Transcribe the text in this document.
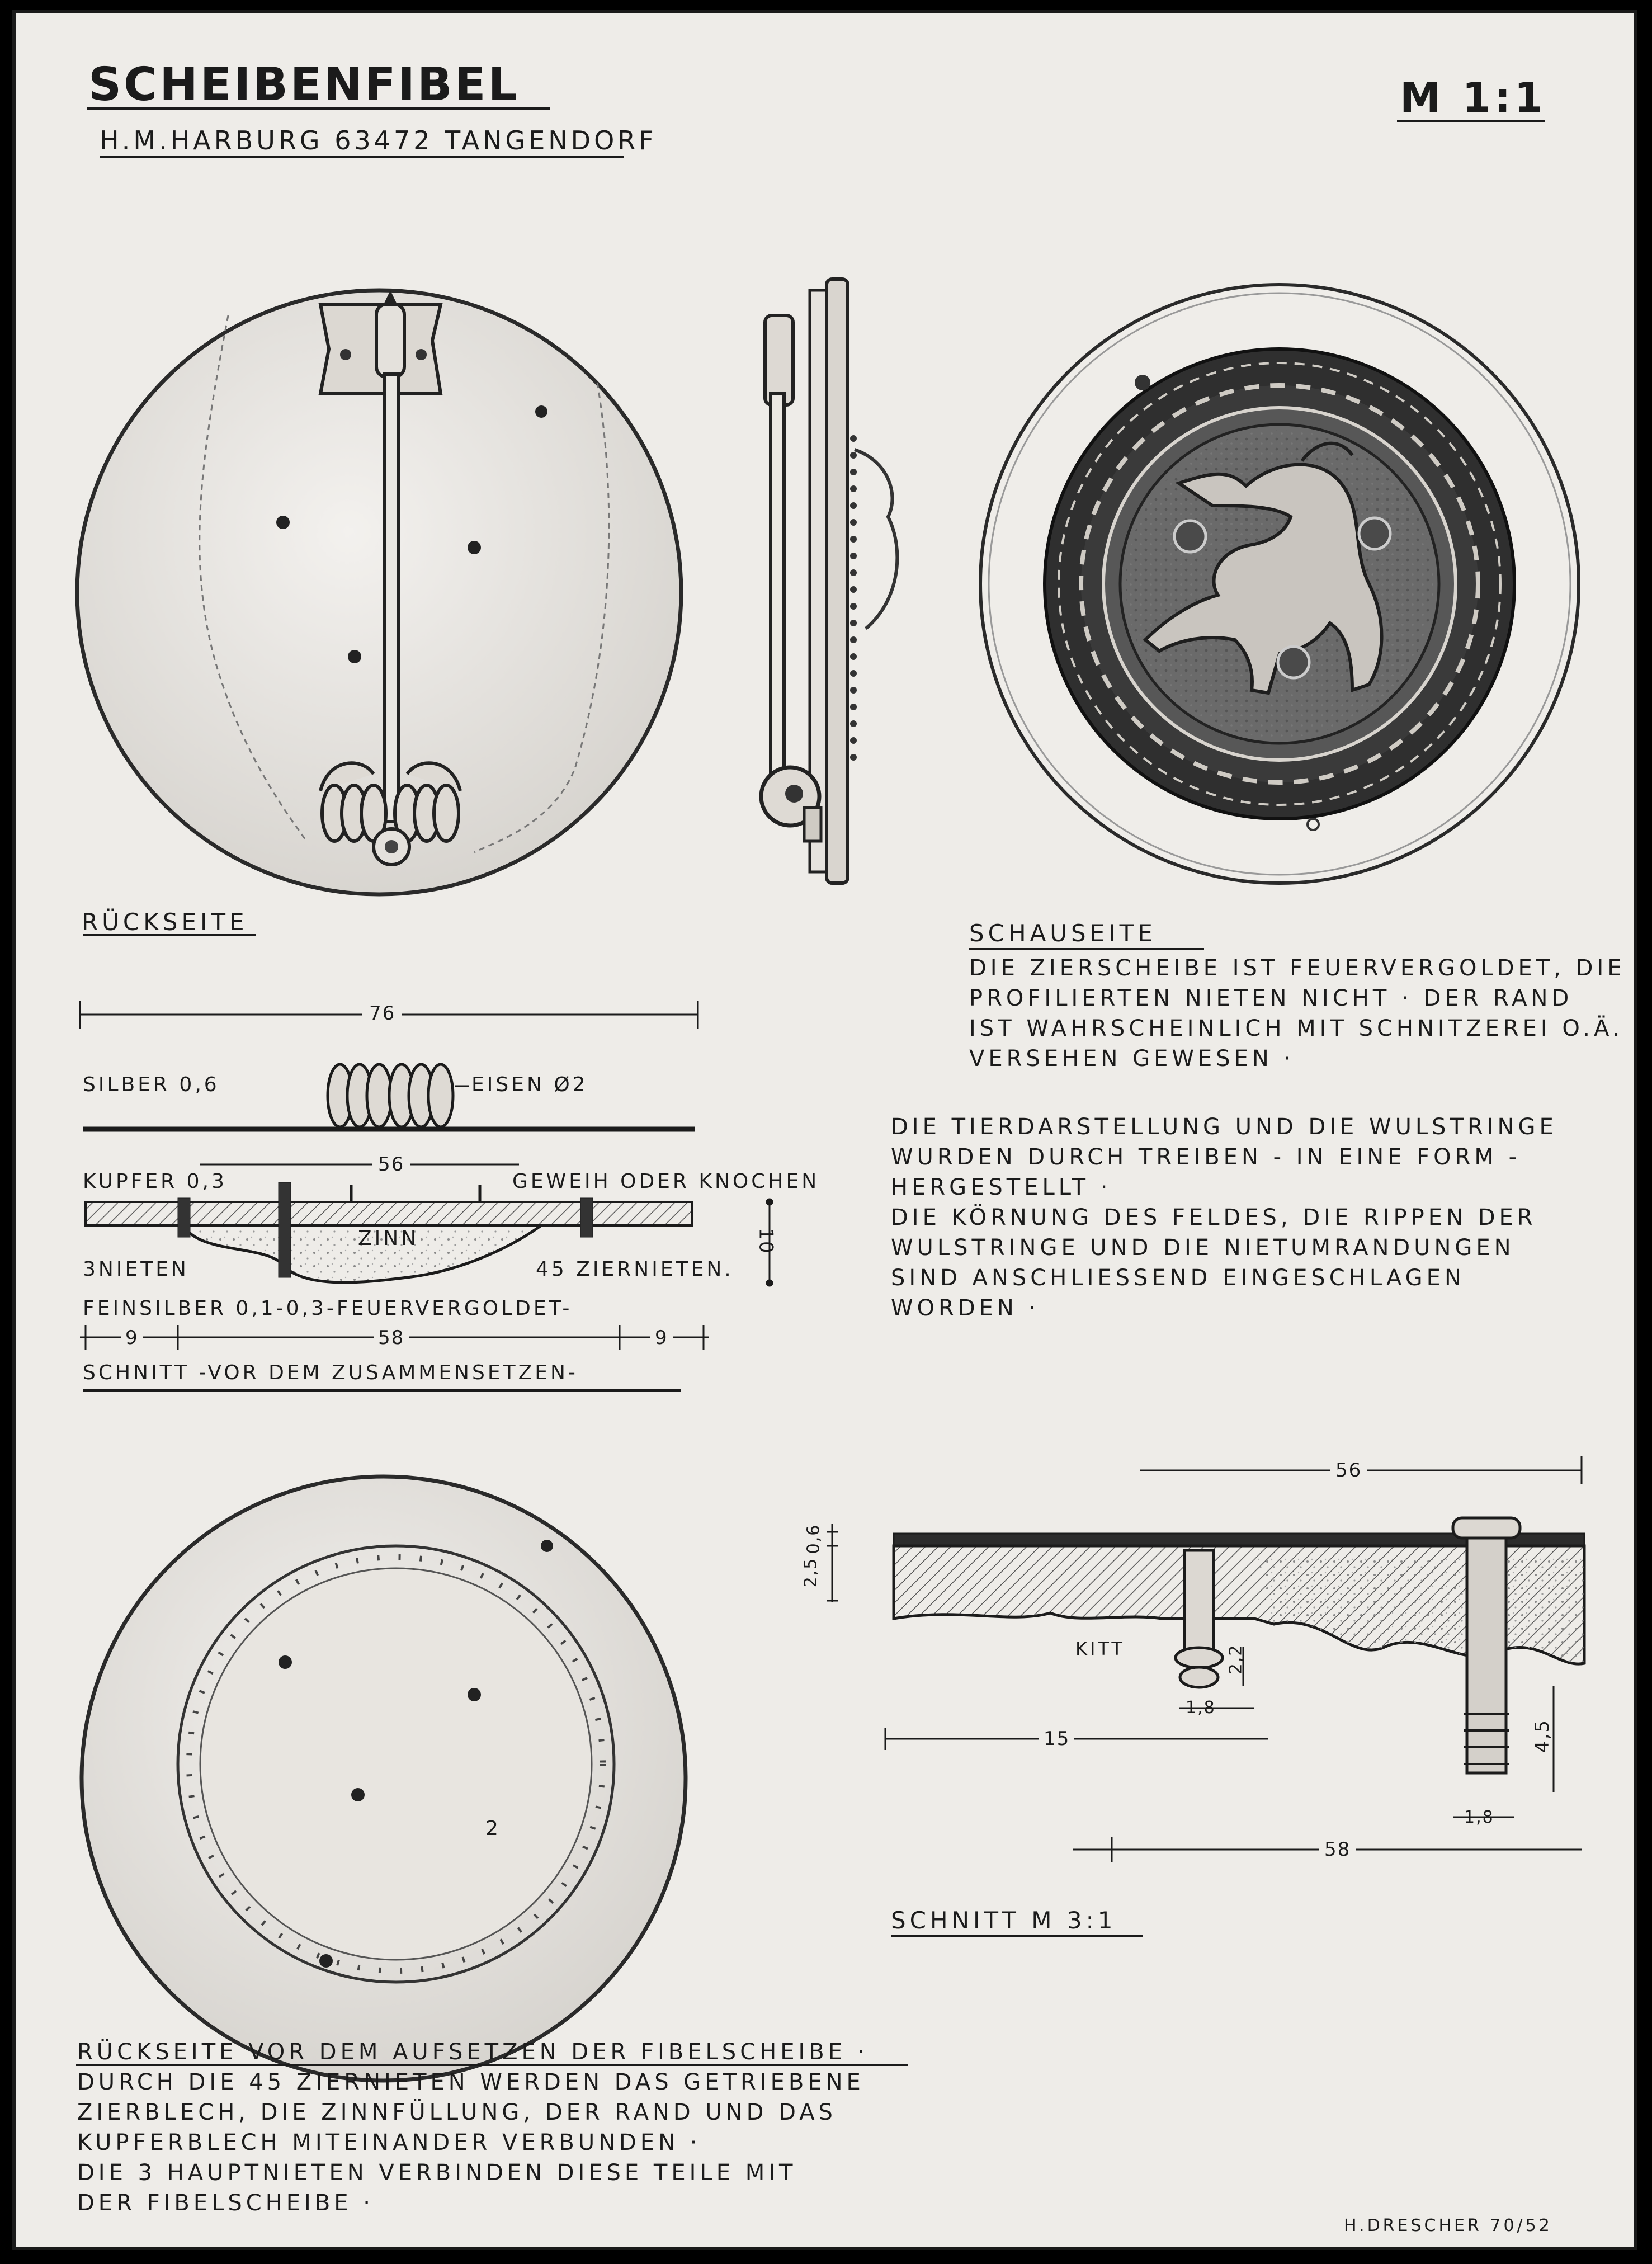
SCHEIBENFIBEL
H.M.HARBURG 63472 TANGENDORF
M 1:1
RÜCKSEITE	SCHAUSEITE
DIE ZIERSCHEIBE IST FEUERVERGOLDET, DIE
PROFILIERTEN NIETEN NICHT · DER RAND
IST WAHRSCHEINLICH MIT SCHNITZEREI O.Ä.
VERSEHEN GEWESEN ·
DIE TIERDARSTELLUNG UND DIE WULSTRINGE
WURDEN DURCH TREIBEN - IN EINE FORM -
HERGESTELLT ·
DIE KÖRNUNG DES FELDES, DIE RIPPEN DER
WULSTRINGE UND DIE NIETUMRANDUNGEN
SIND ANSCHLIESSEND EINGESCHLAGEN
WORDEN ·
76
SILBER 0,6	EISEN Ø2
56
KUPFER 0,3	GEWEIH ODER KNOCHEN
ZINN
3NIETEN	45 ZIERNIETEN.
10
FEINSILBER 0,1-0,3-FEUERVERGOLDET-
9	58	9
SCHNITT -VOR DEM ZUSAMMENSETZEN-
2
RÜCKSEITE VOR DEM AUFSETZEN DER FIBELSCHEIBE ·
DURCH DIE 45 ZIERNIETEN WERDEN DAS GETRIEBENE
ZIERBLECH, DIE ZINNFÜLLUNG, DER RAND UND DAS
KUPFERBLECH MITEINANDER VERBUNDEN ·
DIE 3 HAUPTNIETEN VERBINDEN DIESE TEILE MIT
DER FIBELSCHEIBE ·
56
0,6
2,5
KITT	2,2
1,8
15	4,5
1,8
58
SCHNITT M 3:1
H.DRESCHER 70/52
